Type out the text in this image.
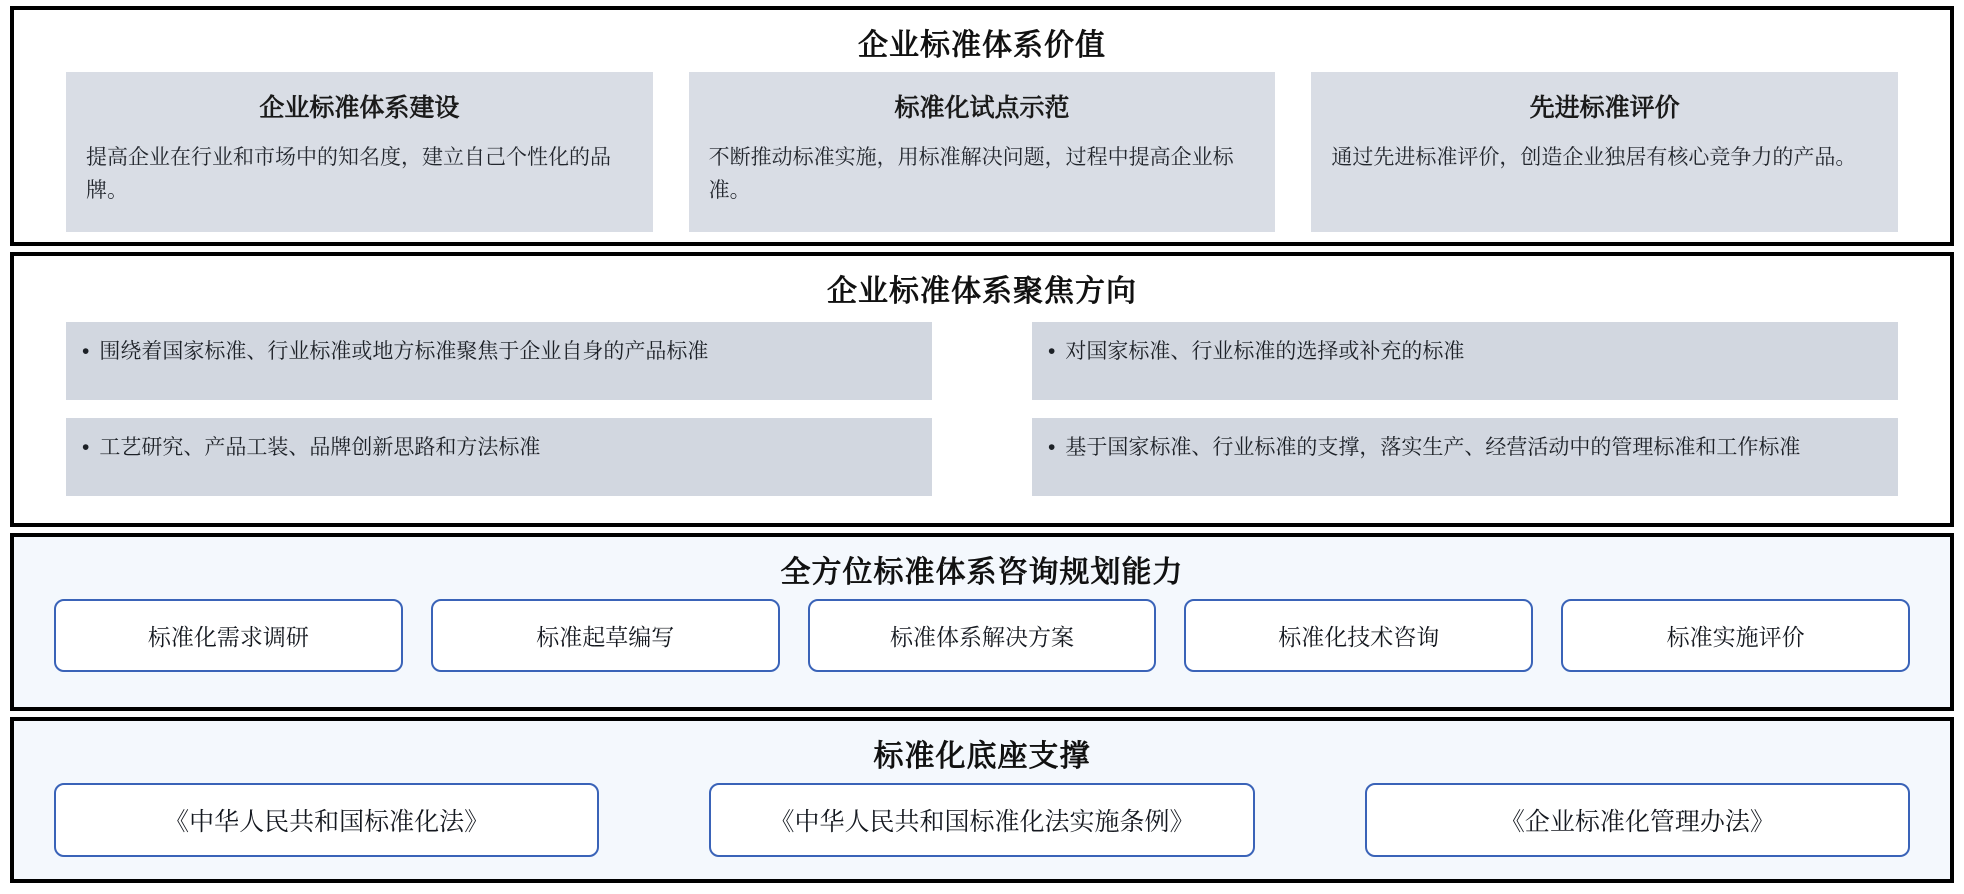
企业标准体系价值
企业标准体系建设
提高企业在行业和市场中的知名度，建立自己个性化的品牌。
标准化试点示范
不断推动标准实施，用标准解决问题，过程中提高企业标准。
先进标准评价
通过先进标准评价，创造企业独居有核心竞争力的产品。
企业标准体系聚焦方向
• 围绕着国家标准、行业标准或地方标准聚焦于企业自身的产品标准
• 工艺研究、产品工装、品牌创新思路和方法标准
• 对国家标准、行业标准的选择或补充的标准
• 基于国家标准、行业标准的支撑，落实生产、经营活动中的管理标准和工作标准
全方位标准体系咨询规划能力
标准化需求调研	标准起草编写	标准体系解决方案	标准化技术咨询	标准实施评价
标准化底座支撑
《中华人民共和国标准化法》	《中华人民共和国标准化法实施条例》	《企业标准化管理办法》
